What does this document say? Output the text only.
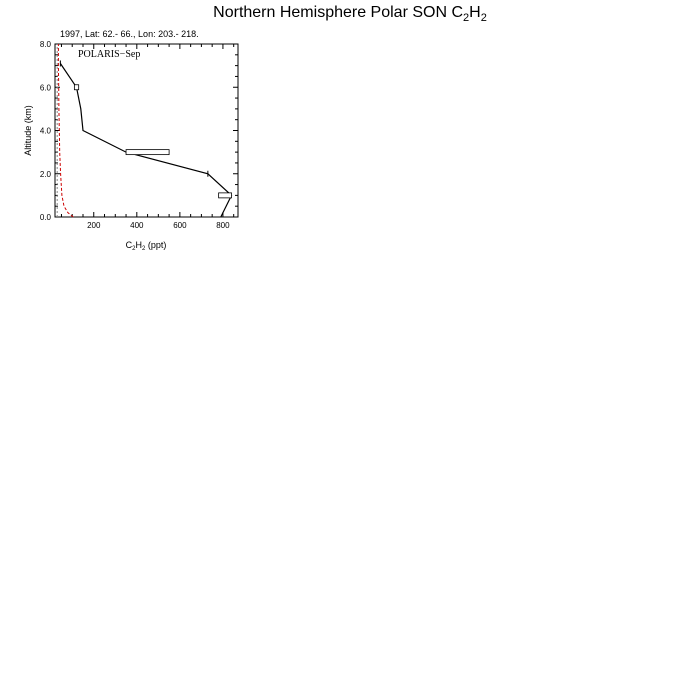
Northern Hemisphere Polar SON $C_2H_2$
1997, Lat: 62.- 66., Lon: 203.- 218.
200	400	600	800
0.0
2.0
4.0
6.0
8.0
POLARIS−Sep
Altitude (km)
$C_2H_2$ (ppt)
